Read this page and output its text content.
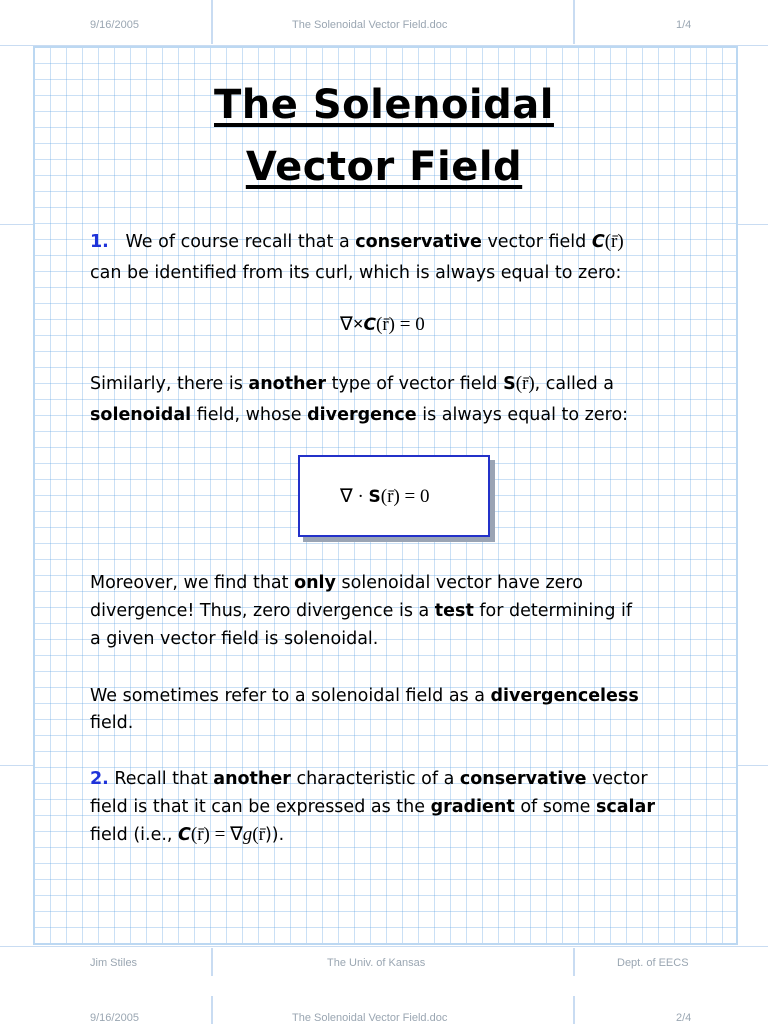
9/16/2005	The Solenoidal Vector Field.doc	1/4
The Solenoidal
Vector Field
1. We of course recall that a conservative vector field C(r̄)
can be identified from its curl, which is always equal to zero:
∇×C(r̄) = 0
Similarly, there is another type of vector field S(r̄), called a
solenoidal field, whose divergence is always equal to zero:
∇ · S(r̄) = 0
Moreover, we find that only solenoidal vector have zero
divergence! Thus, zero divergence is a test for determining if
a given vector field is solenoidal.
We sometimes refer to a solenoidal field as a divergenceless
field.
2. Recall that another characteristic of a conservative vector
field is that it can be expressed as the gradient of some scalar
field (i.e., C(r̄) = ∇g(r̄)).
Jim Stiles	The Univ. of Kansas	Dept. of EECS
9/16/2005	The Solenoidal Vector Field.doc	2/4
